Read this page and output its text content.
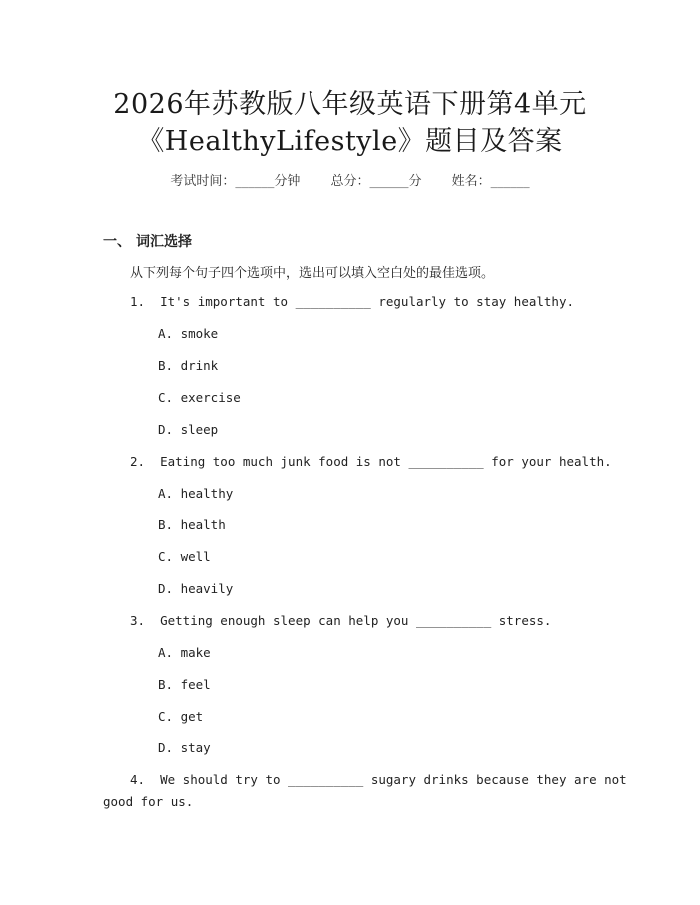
2026年苏教版八年级英语下册第4单元
《HealthyLifestyle》题目及答案
考试时间：______分钟 总分：______分 姓名：______
一、 词汇选择
从下列每个句子四个选项中，选出可以填入空白处的最佳选项。
1.  It's important to __________ regularly to stay healthy.
A. smoke
B. drink
C. exercise
D. sleep
2.  Eating too much junk food is not __________ for your health.
A. healthy
B. health
C. well
D. heavily
3.  Getting enough sleep can help you __________ stress.
A. make
B. feel
C. get
D. stay
4.  We should try to __________ sugary drinks because they are not
good for us.
